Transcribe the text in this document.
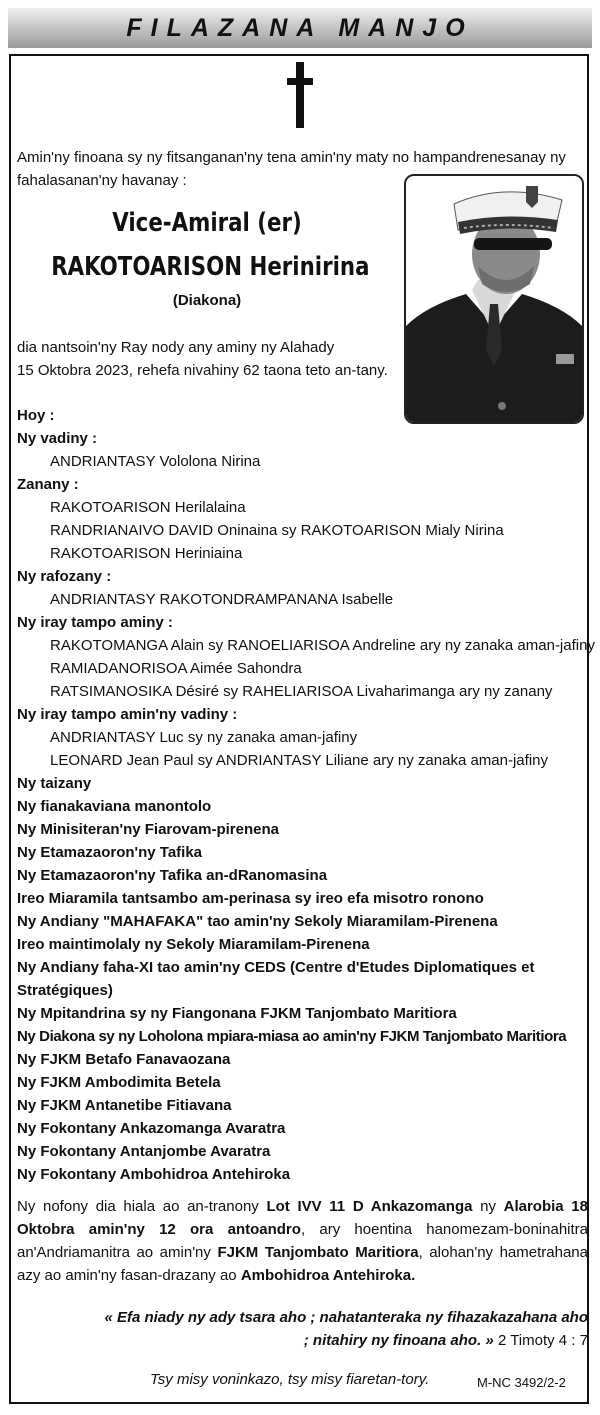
FILAZANA MANJO
Amin'ny finoana sy ny fitsanganan'ny tena amin'ny maty no hampandrenesanay ny fahalasanan'ny havanay :
Vice-Amiral (er)
RAKOTOARISON Herinirina
(Diakona)
dia nantsoin'ny Ray nody any aminy ny Alahady
15 Oktobra 2023, rehefa nivahiny 62 taona teto an-tany.
Hoy :
Ny vadiny :
ANDRIANTASY Vololona Nirina
Zanany :
RAKOTOARISON Herilalaina
RANDRIANAIVO DAVID Oninaina sy RAKOTOARISON Mialy Nirina
RAKOTOARISON Heriniaina
Ny rafozany :
ANDRIANTASY RAKOTONDRAMPANANA Isabelle
Ny iray tampo aminy :
RAKOTOMANGA Alain sy RANOELIARISOA Andreline ary ny zanaka aman-jafiny
RAMIADANORISOA Aimée Sahondra
RATSIMANOSIKA Désiré sy RAHELIARISOA Livaharimanga ary ny zanany
Ny iray tampo amin'ny vadiny :
ANDRIANTASY Luc sy ny zanaka aman-jafiny
LEONARD Jean Paul sy ANDRIANTASY Liliane ary ny zanaka aman-jafiny
Ny taizany
Ny fianakaviana manontolo
Ny Minisiteran'ny Fiarovam-pirenena
Ny Etamazaoron'ny Tafika
Ny Etamazaoron'ny Tafika an-dRanomasina
Ireo Miaramila tantsambo am-perinasa sy ireo efa misotro ronono
Ny Andiany "MAHAFAKA" tao amin'ny Sekoly Miaramilam-Pirenena
Ireo maintimolaly ny Sekoly Miaramilam-Pirenena
Ny Andiany faha-XI tao amin'ny CEDS (Centre d'Etudes Diplomatiques et Stratégiques)
Ny Mpitandrina sy ny Fiangonana FJKM Tanjombato Maritiora
Ny Diakona sy ny Loholona mpiara-miasa ao amin'ny FJKM Tanjombato Maritiora
Ny FJKM Betafo Fanavaozana
Ny FJKM Ambodimita Betela
Ny FJKM Antanetibe Fitiavana
Ny Fokontany Ankazomanga Avaratra
Ny Fokontany Antanjombe Avaratra
Ny Fokontany Ambohidroa Antehiroka
Ny nofony dia hiala ao an-tranony Lot IVV 11 D Ankazomanga ny Alarobia 18 Oktobra amin'ny 12 ora antoandro, ary hoentina hanomezam-boninahitra an'Andriamanitra ao amin'ny FJKM Tanjombato Maritiora, alohan'ny hametrahana azy ao amin'ny fasan-drazany ao Ambohidroa Antehiroka.
« Efa niady ny ady tsara aho ; nahatanteraka ny fihazakazahana aho ; nitahiry ny finoana aho. » 2 Timoty 4 : 7
Tsy misy voninkazo, tsy misy fiaretan-tory.	M-NC 3492/2-2
